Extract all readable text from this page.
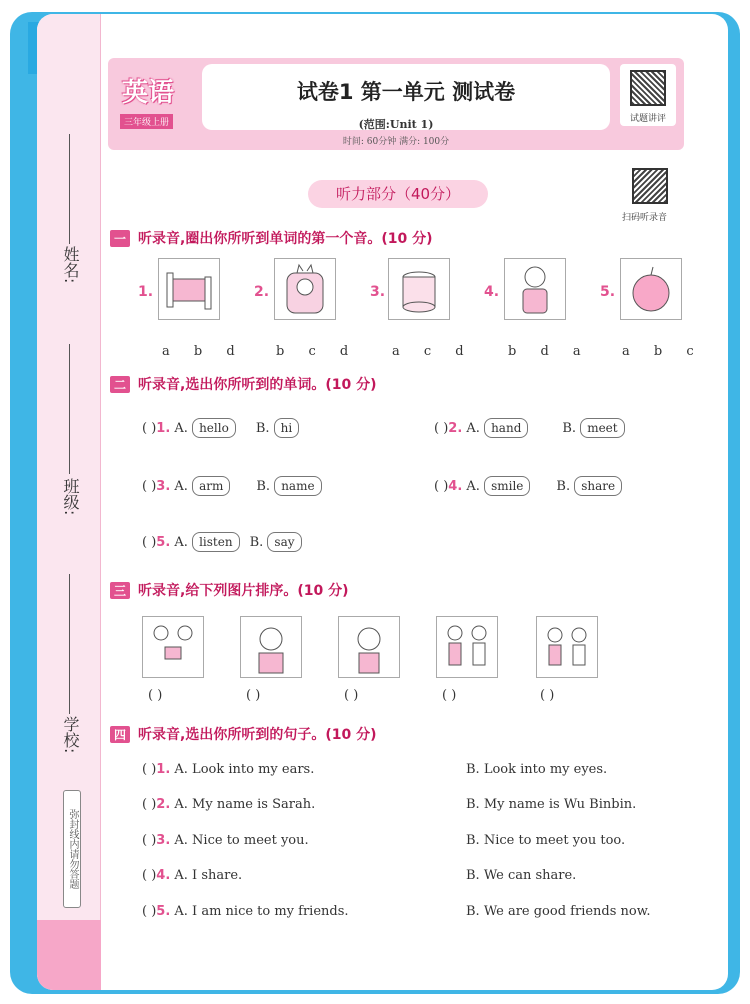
姓名:
班级:
学校:
弥封线内请勿答题
英语
三年级上册
试卷1 第一单元 测试卷
(范围:Unit 1)
时间: 60分钟 满分: 100分
试题讲评
扫码听录音
听力部分（40分）
一 听录音,圈出你所听到单词的第一个音。(10 分)
1.
a b d
2.
b c d
3.
a c d
4.
b d a
5.
a b c
二 听录音,选出你所听到的单词。(10 分)
( )1. A. hello B. hi	( )2. A. hand	B. meet
( )3. A. arm	B. name	( )4. A. smile	B. share
( )5. A. listen B. say
三 听录音,给下列图片排序。(10 分)
( )	( )	( )	( )	( )
四 听录音,选出你所听到的句子。(10 分)
( )1. A. Look into my ears.	B. Look into my eyes.
( )2. A. My name is Sarah.	B. My name is Wu Binbin.
( )3. A. Nice to meet you.	B. Nice to meet you too.
( )4. A. I share.	B. We can share.
( )5. A. I am nice to my friends.	B. We are good friends now.
